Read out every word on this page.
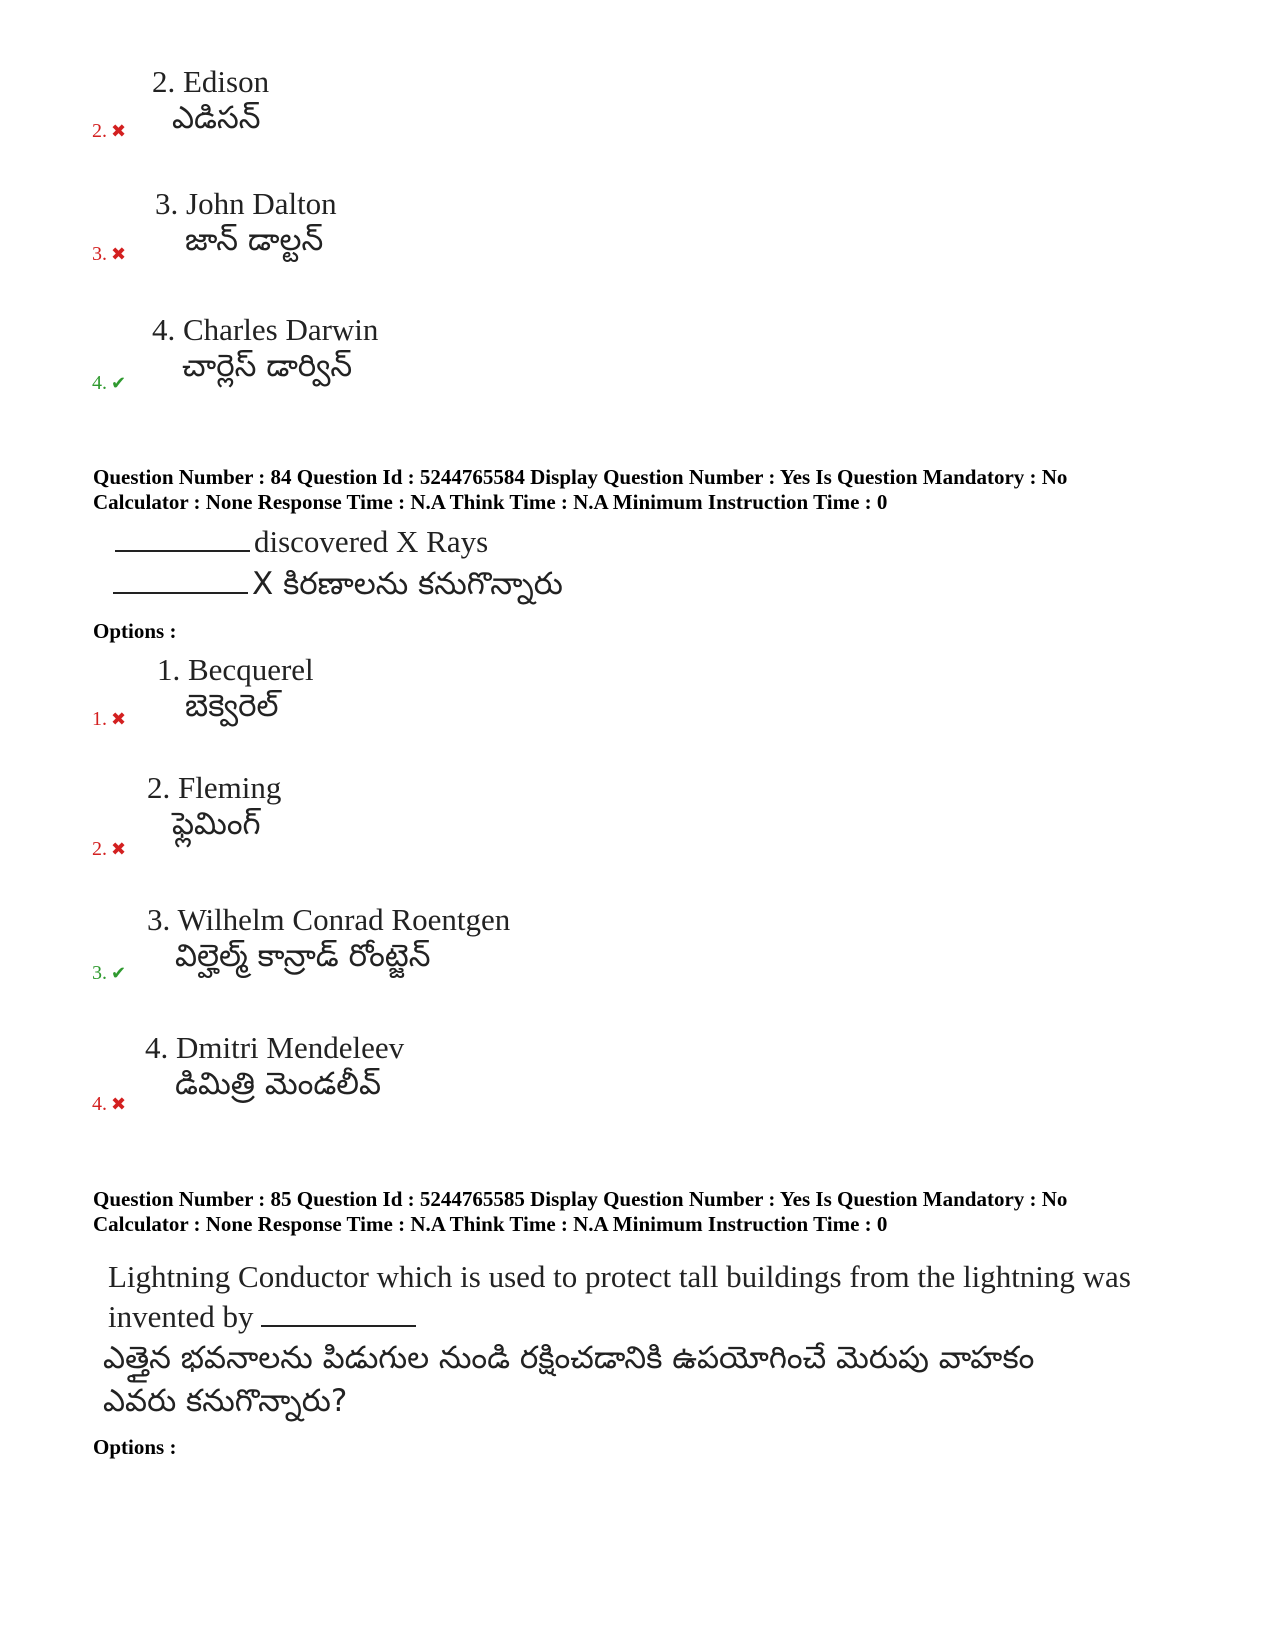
2. Edison
ఎడిసన్
2. ✖
3. John Dalton
జాన్ డాల్టన్
3. ✖
4. Charles Darwin
చార్లెస్ డార్విన్
4. ✔
Question Number : 84 Question Id : 5244765584 Display Question Number : Yes Is Question Mandatory : No
Calculator : None Response Time : N.A Think Time : N.A Minimum Instruction Time : 0
discovered X Rays
X కిరణాలను కనుగొన్నారు
Options :
1. Becquerel
బెక్వెరెల్
1. ✖
2. Fleming
ఫ్లెమింగ్
2. ✖
3. Wilhelm Conrad Roentgen
విల్హెల్మ్ కాన్రాడ్ రోంట్జెన్
3. ✔
4. Dmitri Mendeleev
డిమిత్రి మెండలీవ్
4. ✖
Question Number : 85 Question Id : 5244765585 Display Question Number : Yes Is Question Mandatory : No
Calculator : None Response Time : N.A Think Time : N.A Minimum Instruction Time : 0
Lightning Conductor which is used to protect tall buildings from the lightning was
invented by
ఎత్తైన భవనాలను పిడుగుల నుండి రక్షించడానికి ఉపయోగించే మెరుపు వాహకం
ఎవరు కనుగొన్నారు?
Options :
